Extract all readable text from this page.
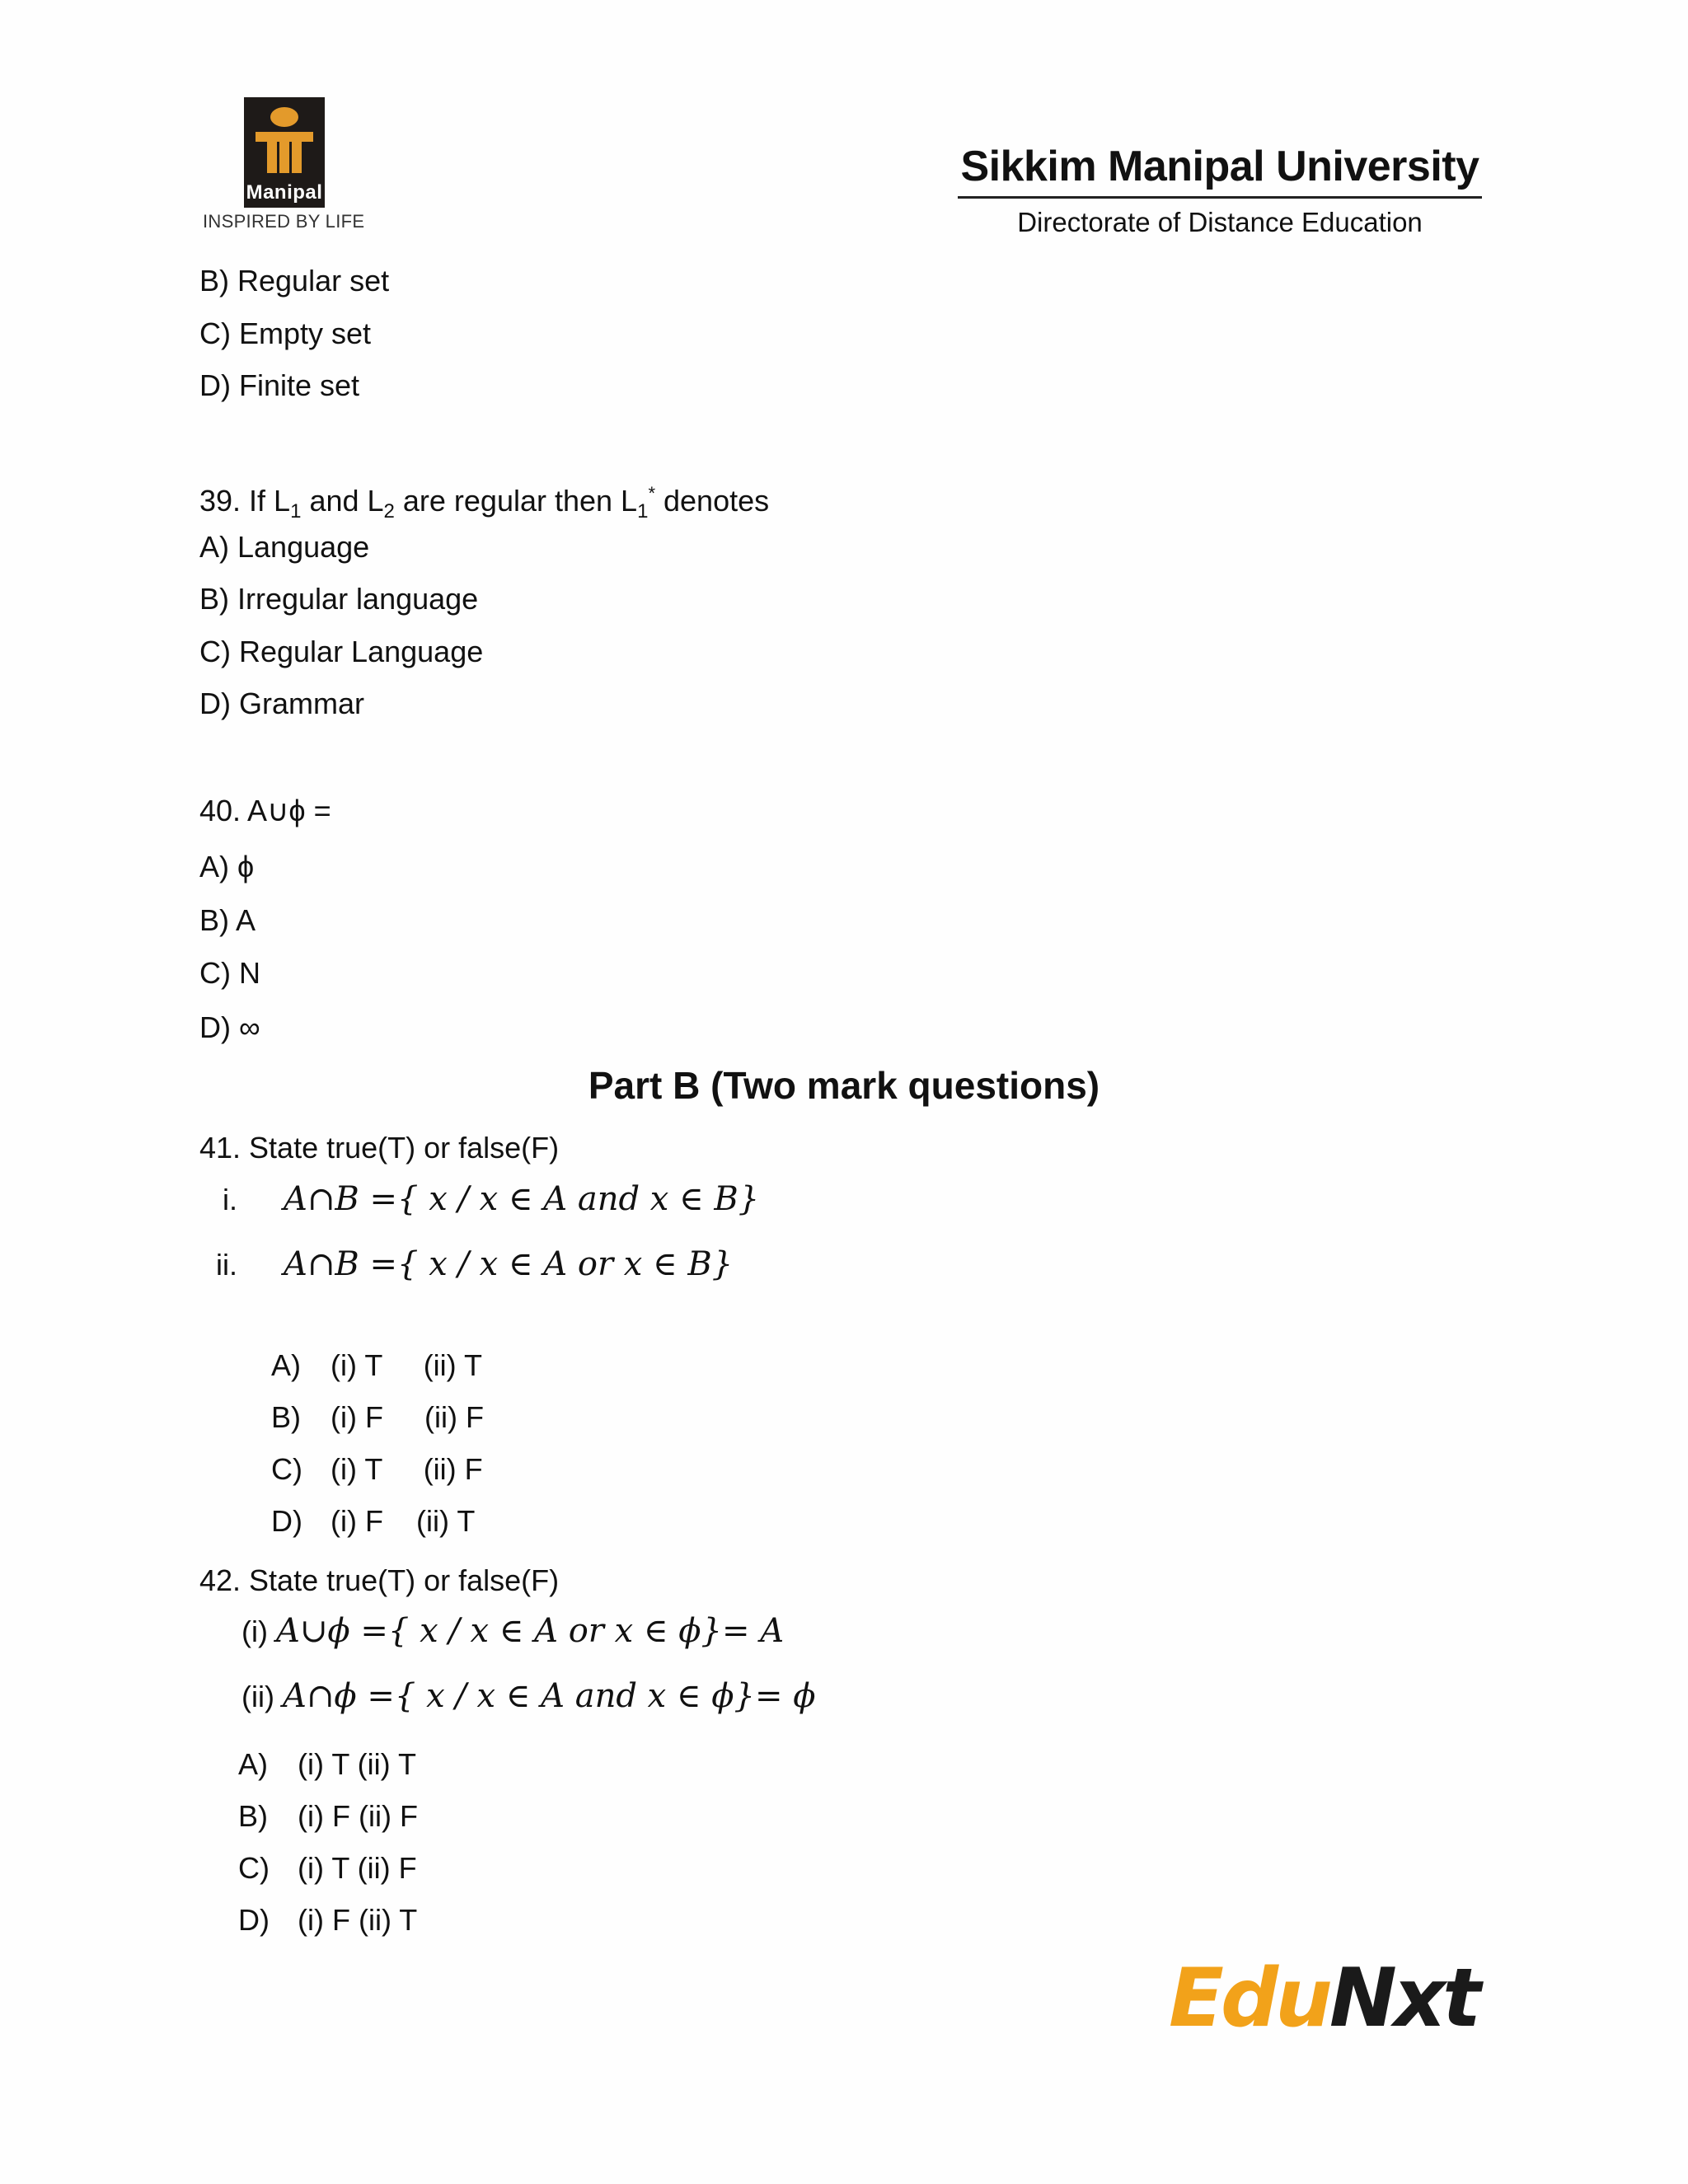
Manipal
INSPIRED BY LIFE
Sikkim Manipal University
Directorate of Distance Education
B) Regular set
C) Empty set
D) Finite set
39. If $L_1$ and $L_2$ are regular then $L_1^*$ denotes
A) Language
B) Irregular language
C) Regular Language
D) Grammar
40. A∪ϕ =
A) ϕ
B) A
C) N
D) ∞
Part B (Two mark questions)
41. State true(T) or false(F)
i. A∩B ={ x / x ∈ A and x ∈ B}
ii. A∩B ={ x / x ∈ A or x ∈ B}

A) (i) T     (ii) T

B) (i) F     (ii) F

C) (i) T     (ii) F

D) (i) F    (ii) T

42. State true(T) or false(F)
(i) A∪ϕ ={ x / x ∈ A or x ∈ ϕ}= A
(ii) A∩ϕ ={ x / x ∈ A and x ∈ ϕ}= ϕ
A) (i) T (ii) T
B) (i) F (ii) F
C) (i) T (ii) F
D) (i) F (ii) T
EduNxt
